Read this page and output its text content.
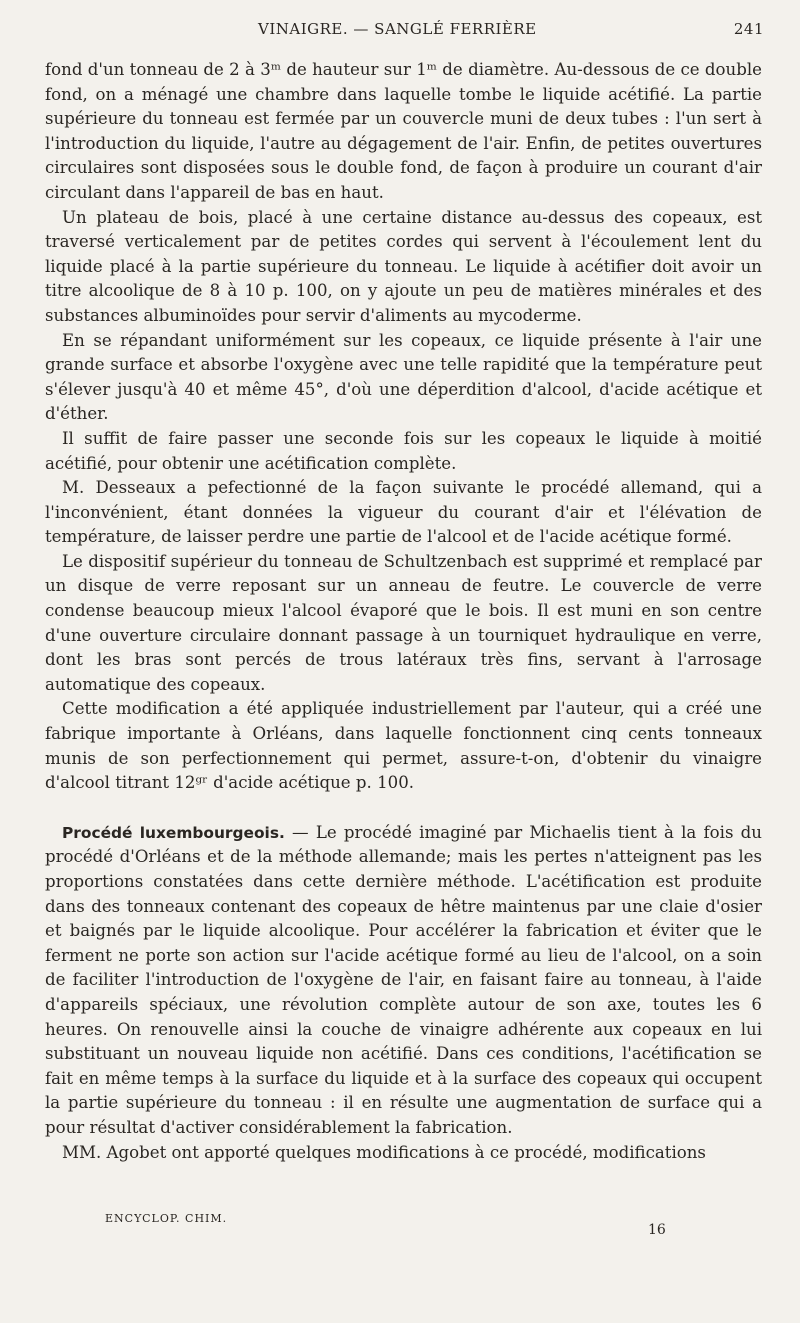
VINAIGRE. — SANGLÉ FERRIÈRE	241

fond d'un tonneau de 2 à 3ᵐ de hauteur sur 1ᵐ de diamètre. Au-dessous de ce double fond, on a ménagé une chambre dans laquelle tombe le liquide acétifié. La partie supérieure du tonneau est fermée par un couvercle muni de deux tubes : l'un sert à l'introduction du liquide, l'autre au dégagement de l'air. Enfin, de petites ouvertures circulaires sont disposées sous le double fond, de façon à produire un courant d'air circulant dans l'appareil de bas en haut.

Un plateau de bois, placé à une certaine distance au-dessus des copeaux, est traversé verticalement par de petites cordes qui servent à l'écoulement lent du liquide placé à la partie supérieure du tonneau. Le liquide à acétifier doit avoir un titre alcoolique de 8 à 10 p. 100, on y ajoute un peu de matières minérales et des substances albuminoïdes pour servir d'aliments au mycoderme.

En se répandant uniformément sur les copeaux, ce liquide présente à l'air une grande surface et absorbe l'oxygène avec une telle rapidité que la température peut s'élever jusqu'à 40 et même 45°, d'où une déperdition d'alcool, d'acide acétique et d'éther.

Il suffit de faire passer une seconde fois sur les copeaux le liquide à moitié acétifié, pour obtenir une acétification complète.

M. Desseaux a pefectionné de la façon suivante le procédé allemand, qui a l'inconvénient, étant données la vigueur du courant d'air et l'élévation de température, de laisser perdre une partie de l'alcool et de l'acide acétique formé.

Le dispositif supérieur du tonneau de Schultzenbach est supprimé et remplacé par un disque de verre reposant sur un anneau de feutre. Le couvercle de verre condense beaucoup mieux l'alcool évaporé que le bois. Il est muni en son centre d'une ouverture circulaire donnant passage à un tourniquet hydraulique en verre, dont les bras sont percés de trous latéraux très fins, servant à l'arrosage automatique des copeaux.

Cette modification a été appliquée industriellement par l'auteur, qui a créé une fabrique importante à Orléans, dans laquelle fonctionnent cinq cents tonneaux munis de son perfectionnement qui permet, assure-t-on, d'obtenir du vinaigre d'alcool titrant 12ᵍʳ d'acide acétique p. 100.

Procédé luxembourgeois. — Le procédé imaginé par Michaelis tient à la fois du procédé d'Orléans et de la méthode allemande; mais les pertes n'atteignent pas les proportions constatées dans cette dernière méthode. L'acétification est produite dans des tonneaux contenant des copeaux de hêtre maintenus par une claie d'osier et baignés par le liquide alcoolique. Pour accélérer la fabrication et éviter que le ferment ne porte son action sur l'acide acétique formé au lieu de l'alcool, on a soin de faciliter l'introduction de l'oxygène de l'air, en faisant faire au tonneau, à l'aide d'appareils spéciaux, une révolution complète autour de son axe, toutes les 6 heures. On renouvelle ainsi la couche de vinaigre adhérente aux copeaux en lui substituant un nouveau liquide non acétifié. Dans ces conditions, l'acétification se fait en même temps à la surface du liquide et à la surface des copeaux qui occupent la partie supérieure du tonneau : il en résulte une augmentation de surface qui a pour résultat d'activer considérablement la fabrication.

MM. Agobet ont apporté quelques modifications à ce procédé, modifications

ENCYCLOP. CHIM.
16
